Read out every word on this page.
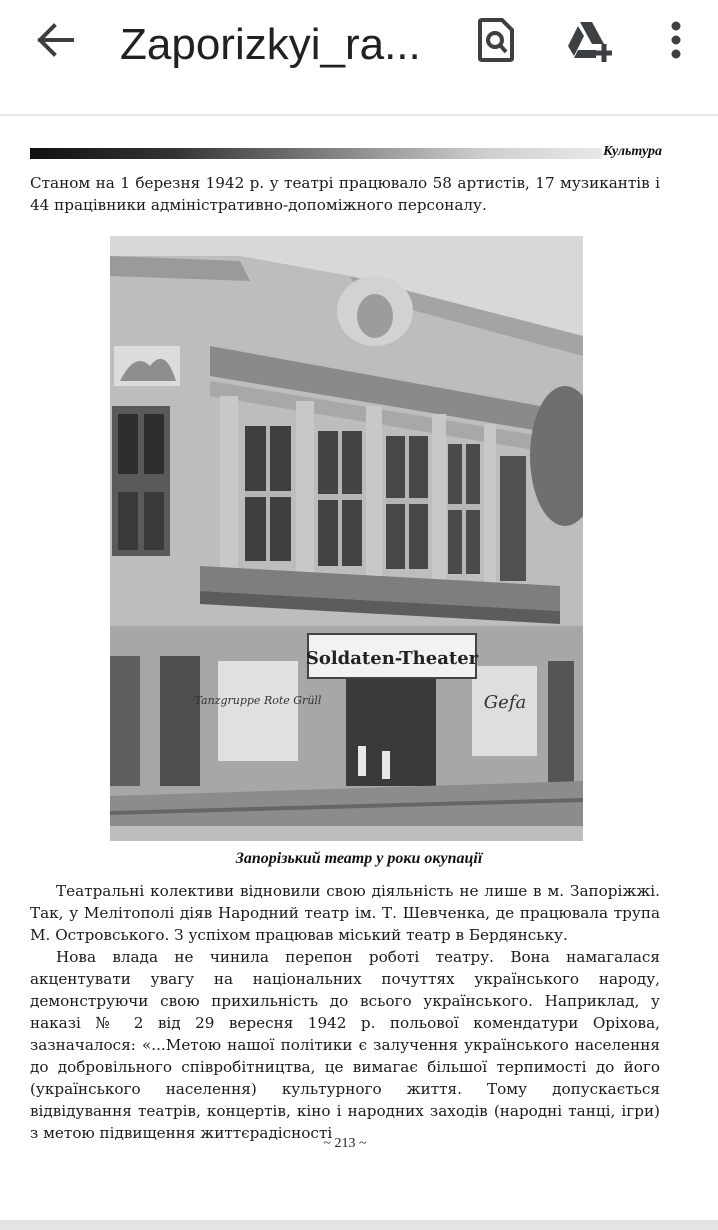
Zaporizkyi_ra...
Культура
Станом на 1 березня 1942 р. у театрі працювало 58 артистів, 17 музикантів і 44 працівники адміністративно-допоміжного персоналу.
Soldaten-Theater
Tanzgruppe Rote Grüll	Gefa
Запорізький театр у роки окупації
Театральні колективи відновили свою діяльність не лише в м. Запоріжжі. Так, у Мелітополі діяв Народний театр ім. Т. Шевченка, де працювала трупа М. Островського. З успіхом працював міський театр в Бердянську.
Нова влада не чинила перепон роботі театру. Вона намагалася акцентувати увагу на національних почуттях українського народу, демонструючи свою прихильність до всього українського. Наприклад, у наказі № 2 від 29 вересня 1942 р. польової комендатури Оріхова, зазначалося: «...Метою нашої політики є залучення українського населення до добровільного співробітництва, це вимагає більшої терпимості до його (українського населення) культурного життя. Тому допускається відвідування театрів, концертів, кіно і народних заходів (народні танці, ігри) з метою підвищення життєрадісності
~ 213 ~
